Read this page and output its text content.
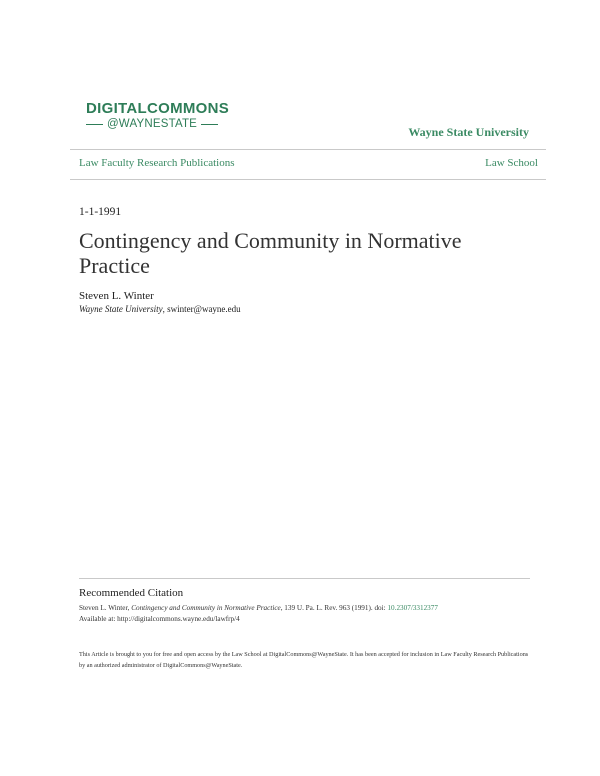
DIGITALCOMMONS
@WAYNESTATE
Wayne State University
Law Faculty Research Publications	Law School
1-1-1991
Contingency and Community in Normative Practice
Steven L. Winter
Wayne State University, swinter@wayne.edu
Recommended Citation

Steven L. Winter, Contingency and Community in Normative Practice, 139 U. Pa. L. Rev. 963 (1991). doi: 10.2307/3312377
Available at: http://digitalcommons.wayne.edu/lawfrp/4

This Article is brought to you for free and open access by the Law School at DigitalCommons@WayneState. It has been accepted for inclusion in Law Faculty Research Publications by an authorized administrator of DigitalCommons@WayneState.
